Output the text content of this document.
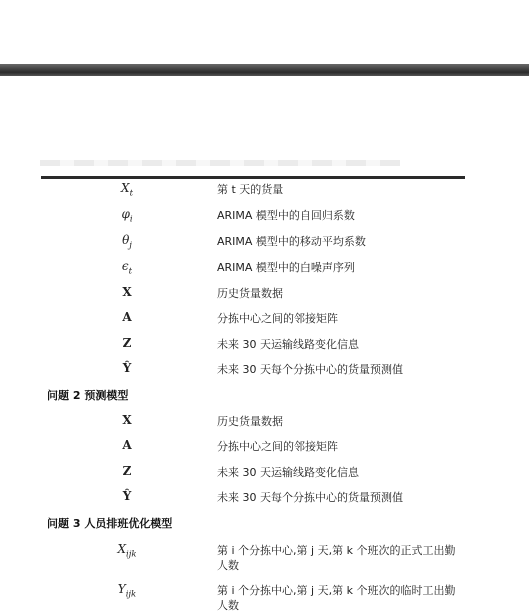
$X_t$	第 t 天的货量
$\varphi_i$	ARIMA 模型中的自回归系数
$\theta_j$	ARIMA 模型中的移动平均系数
$\epsilon_t$	ARIMA 模型中的白噪声序列
X	历史货量数据
A	分拣中心之间的邻接矩阵
Z	未来 30 天运输线路变化信息
Ŷ	未来 30 天每个分拣中心的货量预测值
问题 2 预测模型
X	历史货量数据
A	分拣中心之间的邻接矩阵
Z	未来 30 天运输线路变化信息
Ŷ	未来 30 天每个分拣中心的货量预测值
问题 3 人员排班优化模型
$X_{ijk}$	第 i 个分拣中心,第 j 天,第 k 个班次的正式工出勤人数
$Y_{ijk}$	第 i 个分拣中心,第 j 天,第 k 个班次的临时工出勤人数
